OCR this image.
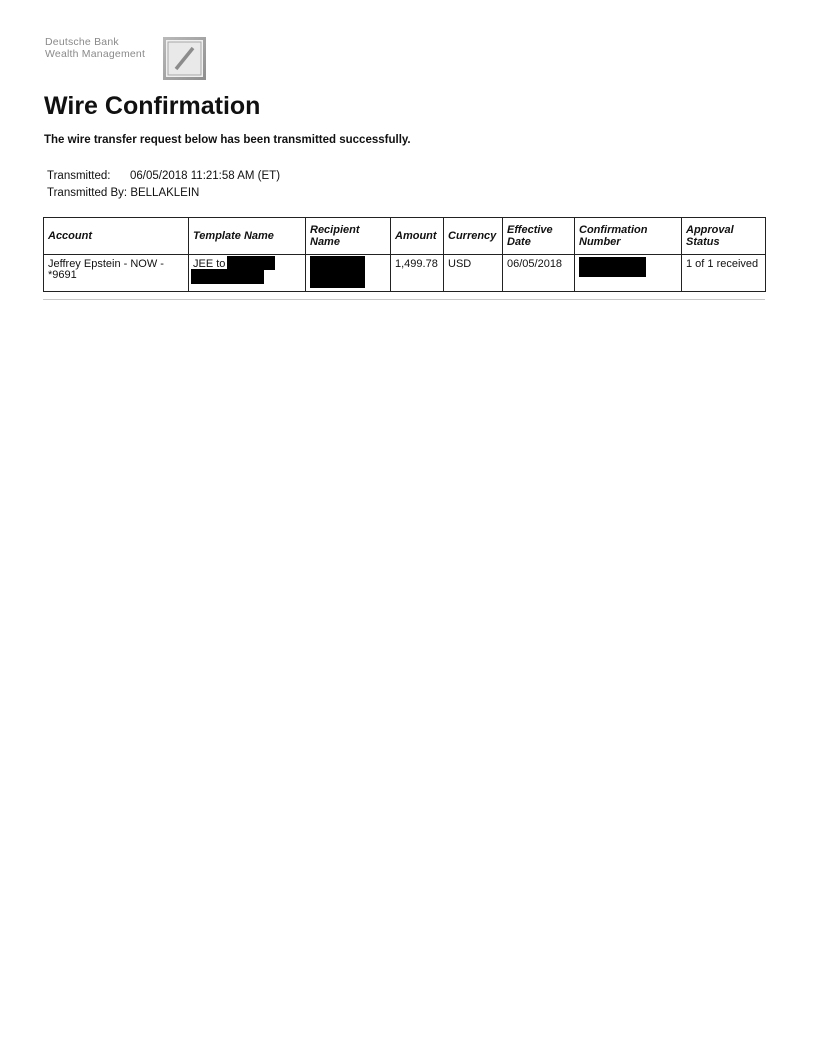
Deutsche Bank
Wealth Management
Wire Confirmation
The wire transfer request below has been transmitted successfully.
Transmitted: 06/05/2018 11:21:58 AM (ET)
Transmitted By: BELLAKLEIN
Account	Template Name	Recipient Name	Amount	Currency	Effective Date	Confirmation Number	Approval Status
Jeffrey Epstein - NOW - *9691	JEE to		1,499.78	USD	06/05/2018		1 of 1 received
